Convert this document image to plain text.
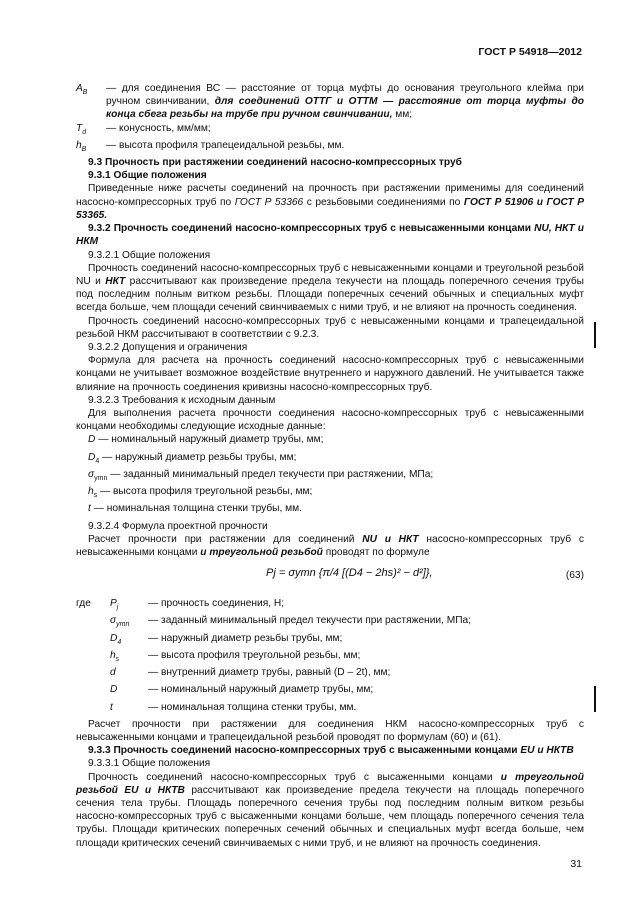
ГОСТ Р 54918—2012
$A_B$	— для соединения ВС — расстояние от торца муфты до основания треугольного клейма при ручном свинчивании, для соединений ОТТГ и ОТТМ — расстояние от торца муфты до конца сбега резьбы на трубе при ручном свинчивании, мм;
$T_d$	— конусность, мм/мм;
$h_B$	— высота профиля трапецеидальной резьбы, мм.

9.3 Прочность при растяжении соединений насосно-компрессорных труб

9.3.1 Общие положения

Приведенные ниже расчеты соединений на прочность при растяжении применимы для соединений насосно-компрессорных труб по ГОСТ Р 53366 с резьбовыми соединениями по ГОСТ Р 51906 и ГОСТ Р 53365.

9.3.2 Прочность соединений насосно-компрессорных труб с невысаженными концами NU, НКТ и НКМ

9.3.2.1 Общие положения

Прочность соединений насосно-компрессорных труб с невысаженными концами и треугольной резьбой NU и НКТ рассчитывают как произведение предела текучести на площадь поперечного сечения трубы под последним полным витком резьбы. Площади поперечных сечений обычных и специальных муфт всегда больше, чем площади сечений свинчиваемых с ними труб, и не влияют на прочность соединения.

Прочность соединений насосно-компрессорных труб с невысаженными концами и трапецеидальной резьбой НКМ рассчитывают в соответствии с 9.2.3.

9.3.2.2 Допущения и ограничения

Формула для расчета на прочность соединений насосно-компрессорных труб с невысаженными концами не учитывает возможное воздействие внутреннего и наружного давлений. Не учитывается также влияние на прочность соединения кривизны насосно-компрессорных труб.

9.3.2.3 Требования к исходным данным

Для выполнения расчета прочности соединения насосно-компрессорных труб с невысаженными концами необходимы следующие исходные данные:

D — номинальный наружный диаметр трубы, мм;
$D_4$ — наружный диаметр резьбы трубы, мм;
$\sigma_{ymn}$ — заданный минимальный предел текучести при растяжении, МПа;
$h_s$ — высота профиля треугольной резьбы, мм;
t — номинальная толщина стенки трубы, мм.

9.3.2.4 Формула проектной прочности

Расчет прочности при растяжении для соединений NU и НКТ насосно-компрессорных труб с невысаженными концами и треугольной резьбой проводят по формуле

Pj = σymn {π/4 [(D4 − 2hs)² − d²]},	(63)
где	$P_j$	— прочность соединения, Н;
$\sigma_{ymn}$	— заданный минимальный предел текучести при растяжении, МПа;
$D_4$	— наружный диаметр резьбы трубы, мм;
$h_s$	— высота профиля треугольной резьбы, мм;
d	— внутренний диаметр трубы, равный (D – 2t), мм;
D	— номинальный наружный диаметр трубы, мм;
t	— номинальная толщина стенки трубы, мм.

Расчет прочности при растяжении для соединения НКМ насосно-компрессорных труб с невысаженными концами и трапецеидальной резьбой проводят по формулам (60) и (61).

9.3.3 Прочность соединений насосно-компрессорных труб с высаженными концами EU и НКТВ

9.3.3.1 Общие положения

Прочность соединений насосно-компрессорных труб с высаженными концами и треугольной резьбой EU и НКТВ рассчитывают как произведение предела текучести на площадь поперечного сечения тела трубы. Площадь поперечного сечения трубы под последним полным витком резьбы насосно-компрессорных труб с высаженными концами больше, чем площадь поперечного сечения тела трубы. Площади критических поперечных сечений обычных и специальных муфт всегда больше, чем площади критических сечений свинчиваемых с ними труб, и не влияют на прочность соединения.

31
